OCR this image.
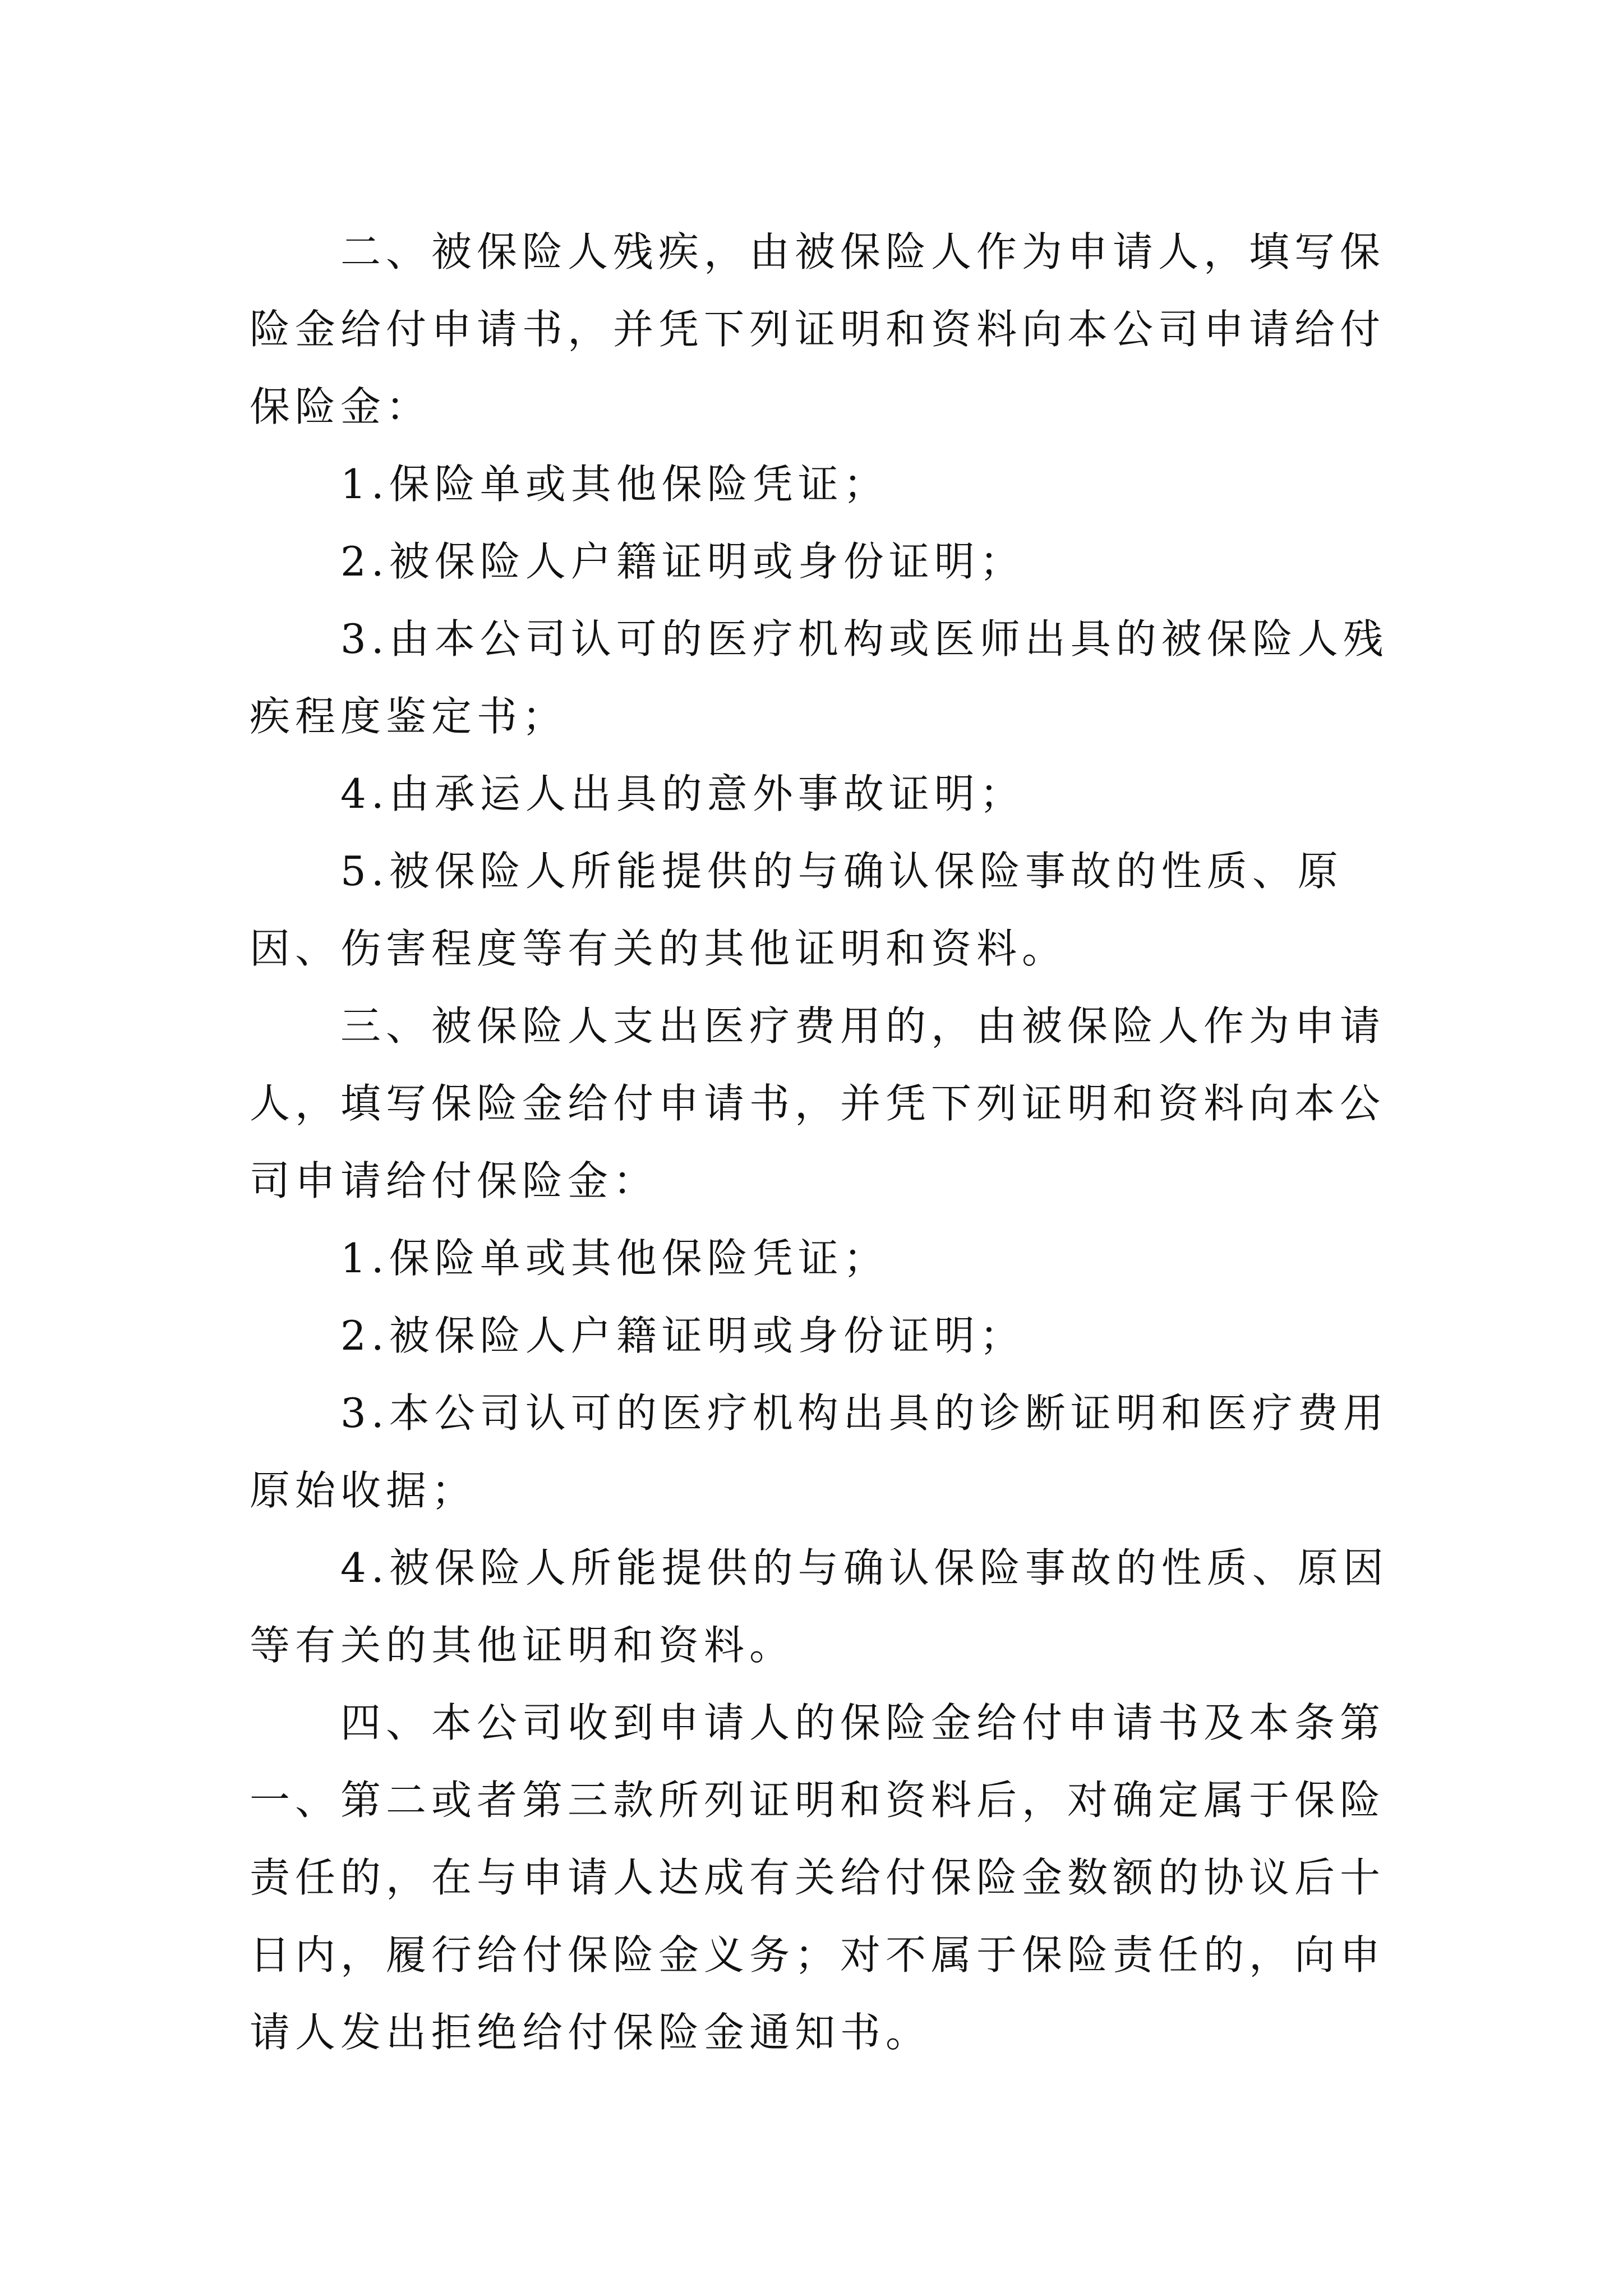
二、被保险人残疾，由被保险人作为申请人，填写保险金给付申请书，并凭下列证明和资料向本公司申请给付保险金：

1.保险单或其他保险凭证；

2.被保险人户籍证明或身份证明；

3.由本公司认可的医疗机构或医师出具的被保险人残疾程度鉴定书；

4.由承运人出具的意外事故证明；

5.被保险人所能提供的与确认保险事故的性质、原因、伤害程度等有关的其他证明和资料。

三、被保险人支出医疗费用的，由被保险人作为申请人，填写保险金给付申请书，并凭下列证明和资料向本公司申请给付保险金：

1.保险单或其他保险凭证；

2.被保险人户籍证明或身份证明；

3.本公司认可的医疗机构出具的诊断证明和医疗费用原始收据；

4.被保险人所能提供的与确认保险事故的性质、原因等有关的其他证明和资料。

四、本公司收到申请人的保险金给付申请书及本条第一、第二或者第三款所列证明和资料后，对确定属于保险责任的，在与申请人达成有关给付保险金数额的协议后十日内，履行给付保险金义务；对不属于保险责任的，向申请人发出拒绝给付保险金通知书。
